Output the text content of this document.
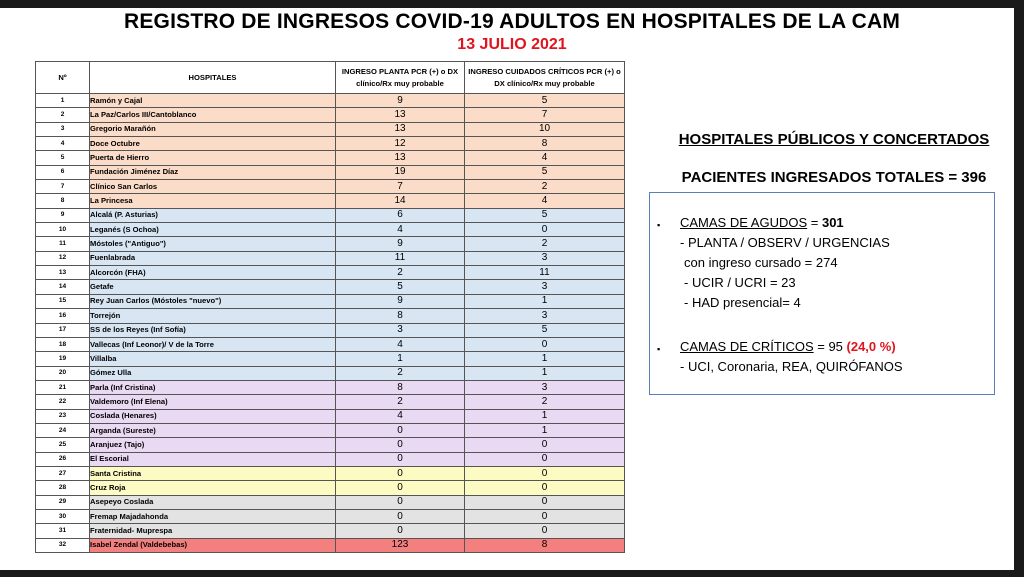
REGISTRO DE INGRESOS COVID-19 ADULTOS EN HOSPITALES DE LA CAM
13 JULIO 2021
Nº	HOSPITALES	INGRESO PLANTA PCR (+) o DX clínico/Rx muy probable	INGRESO CUIDADOS CRÍTICOS PCR (+) o DX clínico/Rx muy probable
1	Ramón y Cajal	9	5
2	La Paz/Carlos III/Cantoblanco	13	7
3	Gregorio Marañón	13	10
4	Doce Octubre	12	8
5	Puerta de Hierro	13	4
6	Fundación Jiménez Díaz	19	5
7	Clínico San Carlos	7	2
8	La Princesa	14	4
9	Alcalá (P. Asturias)	6	5
10	Leganés (S Ochoa)	4	0
11	Móstoles ("Antiguo")	9	2
12	Fuenlabrada	11	3
13	Alcorcón (FHA)	2	11
14	Getafe	5	3
15	Rey Juan Carlos (Móstoles "nuevo")	9	1
16	Torrejón	8	3
17	SS de los Reyes (Inf Sofía)	3	5
18	Vallecas (Inf Leonor)/ V de la Torre	4	0
19	Villalba	1	1
20	Gómez Ulla	2	1
21	Parla (Inf Cristina)	8	3
22	Valdemoro (Inf Elena)	2	2
23	Coslada (Henares)	4	1
24	Arganda (Sureste)	0	1
25	Aranjuez (Tajo)	0	0
26	El Escorial	0	0
27	Santa Cristina	0	0
28	Cruz Roja	0	0
29	Asepeyo Coslada	0	0
30	Fremap Majadahonda	0	0
31	Fraternidad- Muprespa	0	0
32	Isabel Zendal (Valdebebas)	123	8
HOSPITALES PÚBLICOS Y CONCERTADOS
PACIENTES INGRESADOS TOTALES = 396
▪ CAMAS DE AGUDOS = 301
- PLANTA / OBSERV / URGENCIAS
con ingreso cursado = 274
- UCIR / UCRI = 23
- HAD presencial= 4
▪ CAMAS DE CRÍTICOS = 95 (24,0 %)
- UCI, Coronaria, REA, QUIRÓFANOS
